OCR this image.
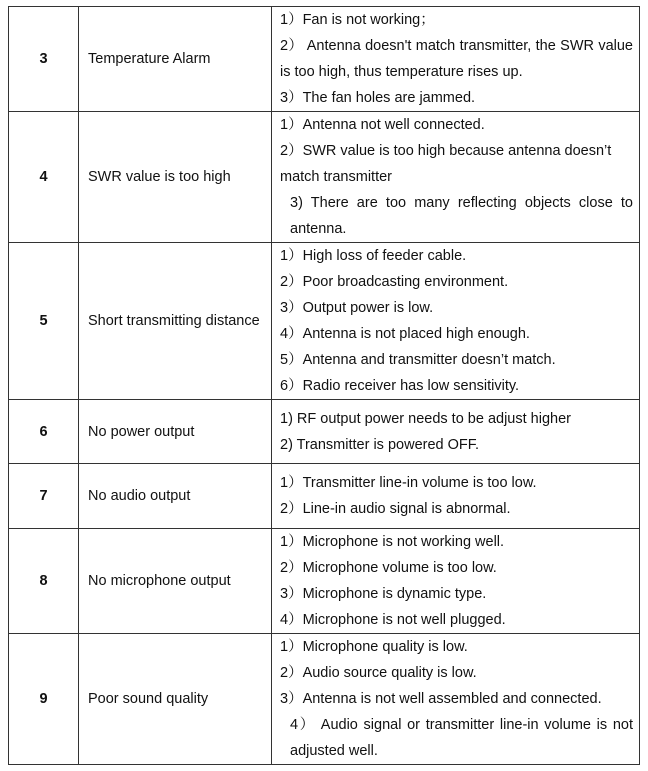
3	Temperature Alarm	1）Fan is not working；
2） Antenna doesn't match transmitter, the SWR value is too high, thus temperature rises up.
3）The fan holes are jammed.

4	SWR value is too high	1）Antenna not well connected.
2）SWR value is too high because antenna doesn’t match transmitter
3) There are too many reflecting objects close to antenna.

5	Short transmitting distance	
1）High loss of feeder cable.
2）Poor broadcasting environment.
3）Output power is low.
4）Antenna is not placed high enough.
5）Antenna and transmitter doesn’t match.
6）Radio receiver has low sensitivity.

6	No power output	1) RF output power needs to be adjust higher
2) Transmitter is powered OFF.

7	No audio output	1）Transmitter line-in volume is too low.
2）Line-in audio signal is abnormal.

8	No microphone output	1）Microphone is not working well.
2）Microphone volume is too low.
3）Microphone is dynamic type.
4）Microphone is not well plugged.

9	Poor sound quality	1）Microphone quality is low.
2）Audio source quality is low.
3）Antenna is not well assembled and connected.
4） Audio signal or transmitter line-in volume is not adjusted well.
